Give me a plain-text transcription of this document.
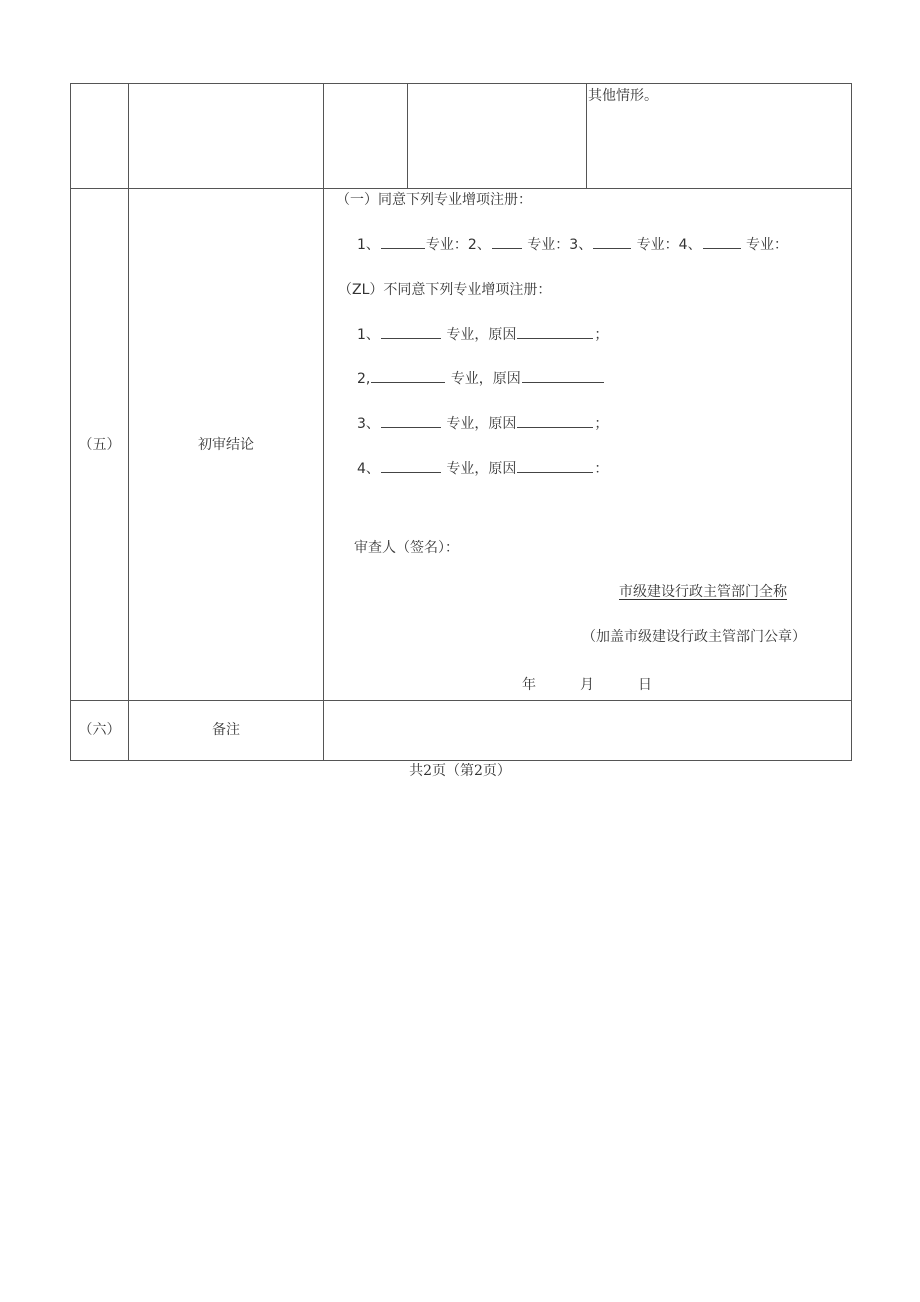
其他情形。
（五）	初审结论
（一）同意下列专业增项注册：
1、	专业：2、	专业：3、	专业：4、	专业：
（ZL）不同意下列专业增项注册：
1、	专业，原因	；
2,	专业，原因
3、	专业，原因	；
4、	专业，原因	：
审查人（签名）：
市级建设行政主管部门全称
（加盖市级建设行政主管部门公章）
年	月	日
（六）	备注
共2页（第2页）
